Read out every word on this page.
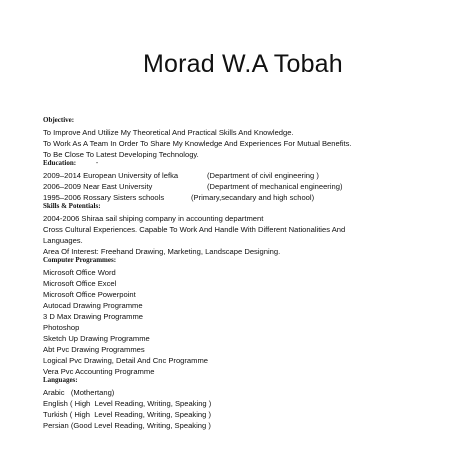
Morad W.A Tobah
Objective:
To Improve And Utilize My Theoretical And Practical Skills And Knowledge.
To Work As A Team In Order To Share My Knowledge And Experiences For Mutual Benefits.
To Be Close To Latest Developing Technology.
Education:	-
2009–2014 European University of lefka	(Department of civil engineering )
2006–2009 Near East University	(Department of mechanical engineering)
1995–2006 Rossary Sisters schools	(Primary,secandary and high school)
Skills & Potentials:
2004-2006 Shiraa sail shiping company in accounting department
Cross Cultural Experiences. Capable To Work And Handle With Different Nationalities And
Languages.
Area Of Interest: Freehand Drawing, Marketing, Landscape Designing.
Computer Programmes:
Microsoft Office Word
Microsoft Office Excel
Microsoft Office Powerpoint
Autocad Drawing Programme
3 D Max Drawing Programme
Photoshop
Sketch Up Drawing Programme
Abt Pvc Drawing Programmes
Logical Pvc Drawing, Detail And Cnc Programme
Vera Pvc Accounting Programme
Languages:
Arabic   (Mothertang)
English ( High  Level Reading, Writing, Speaking )
Turkish ( High  Level Reading, Writing, Speaking )
Persian (Good Level Reading, Writing, Speaking )
